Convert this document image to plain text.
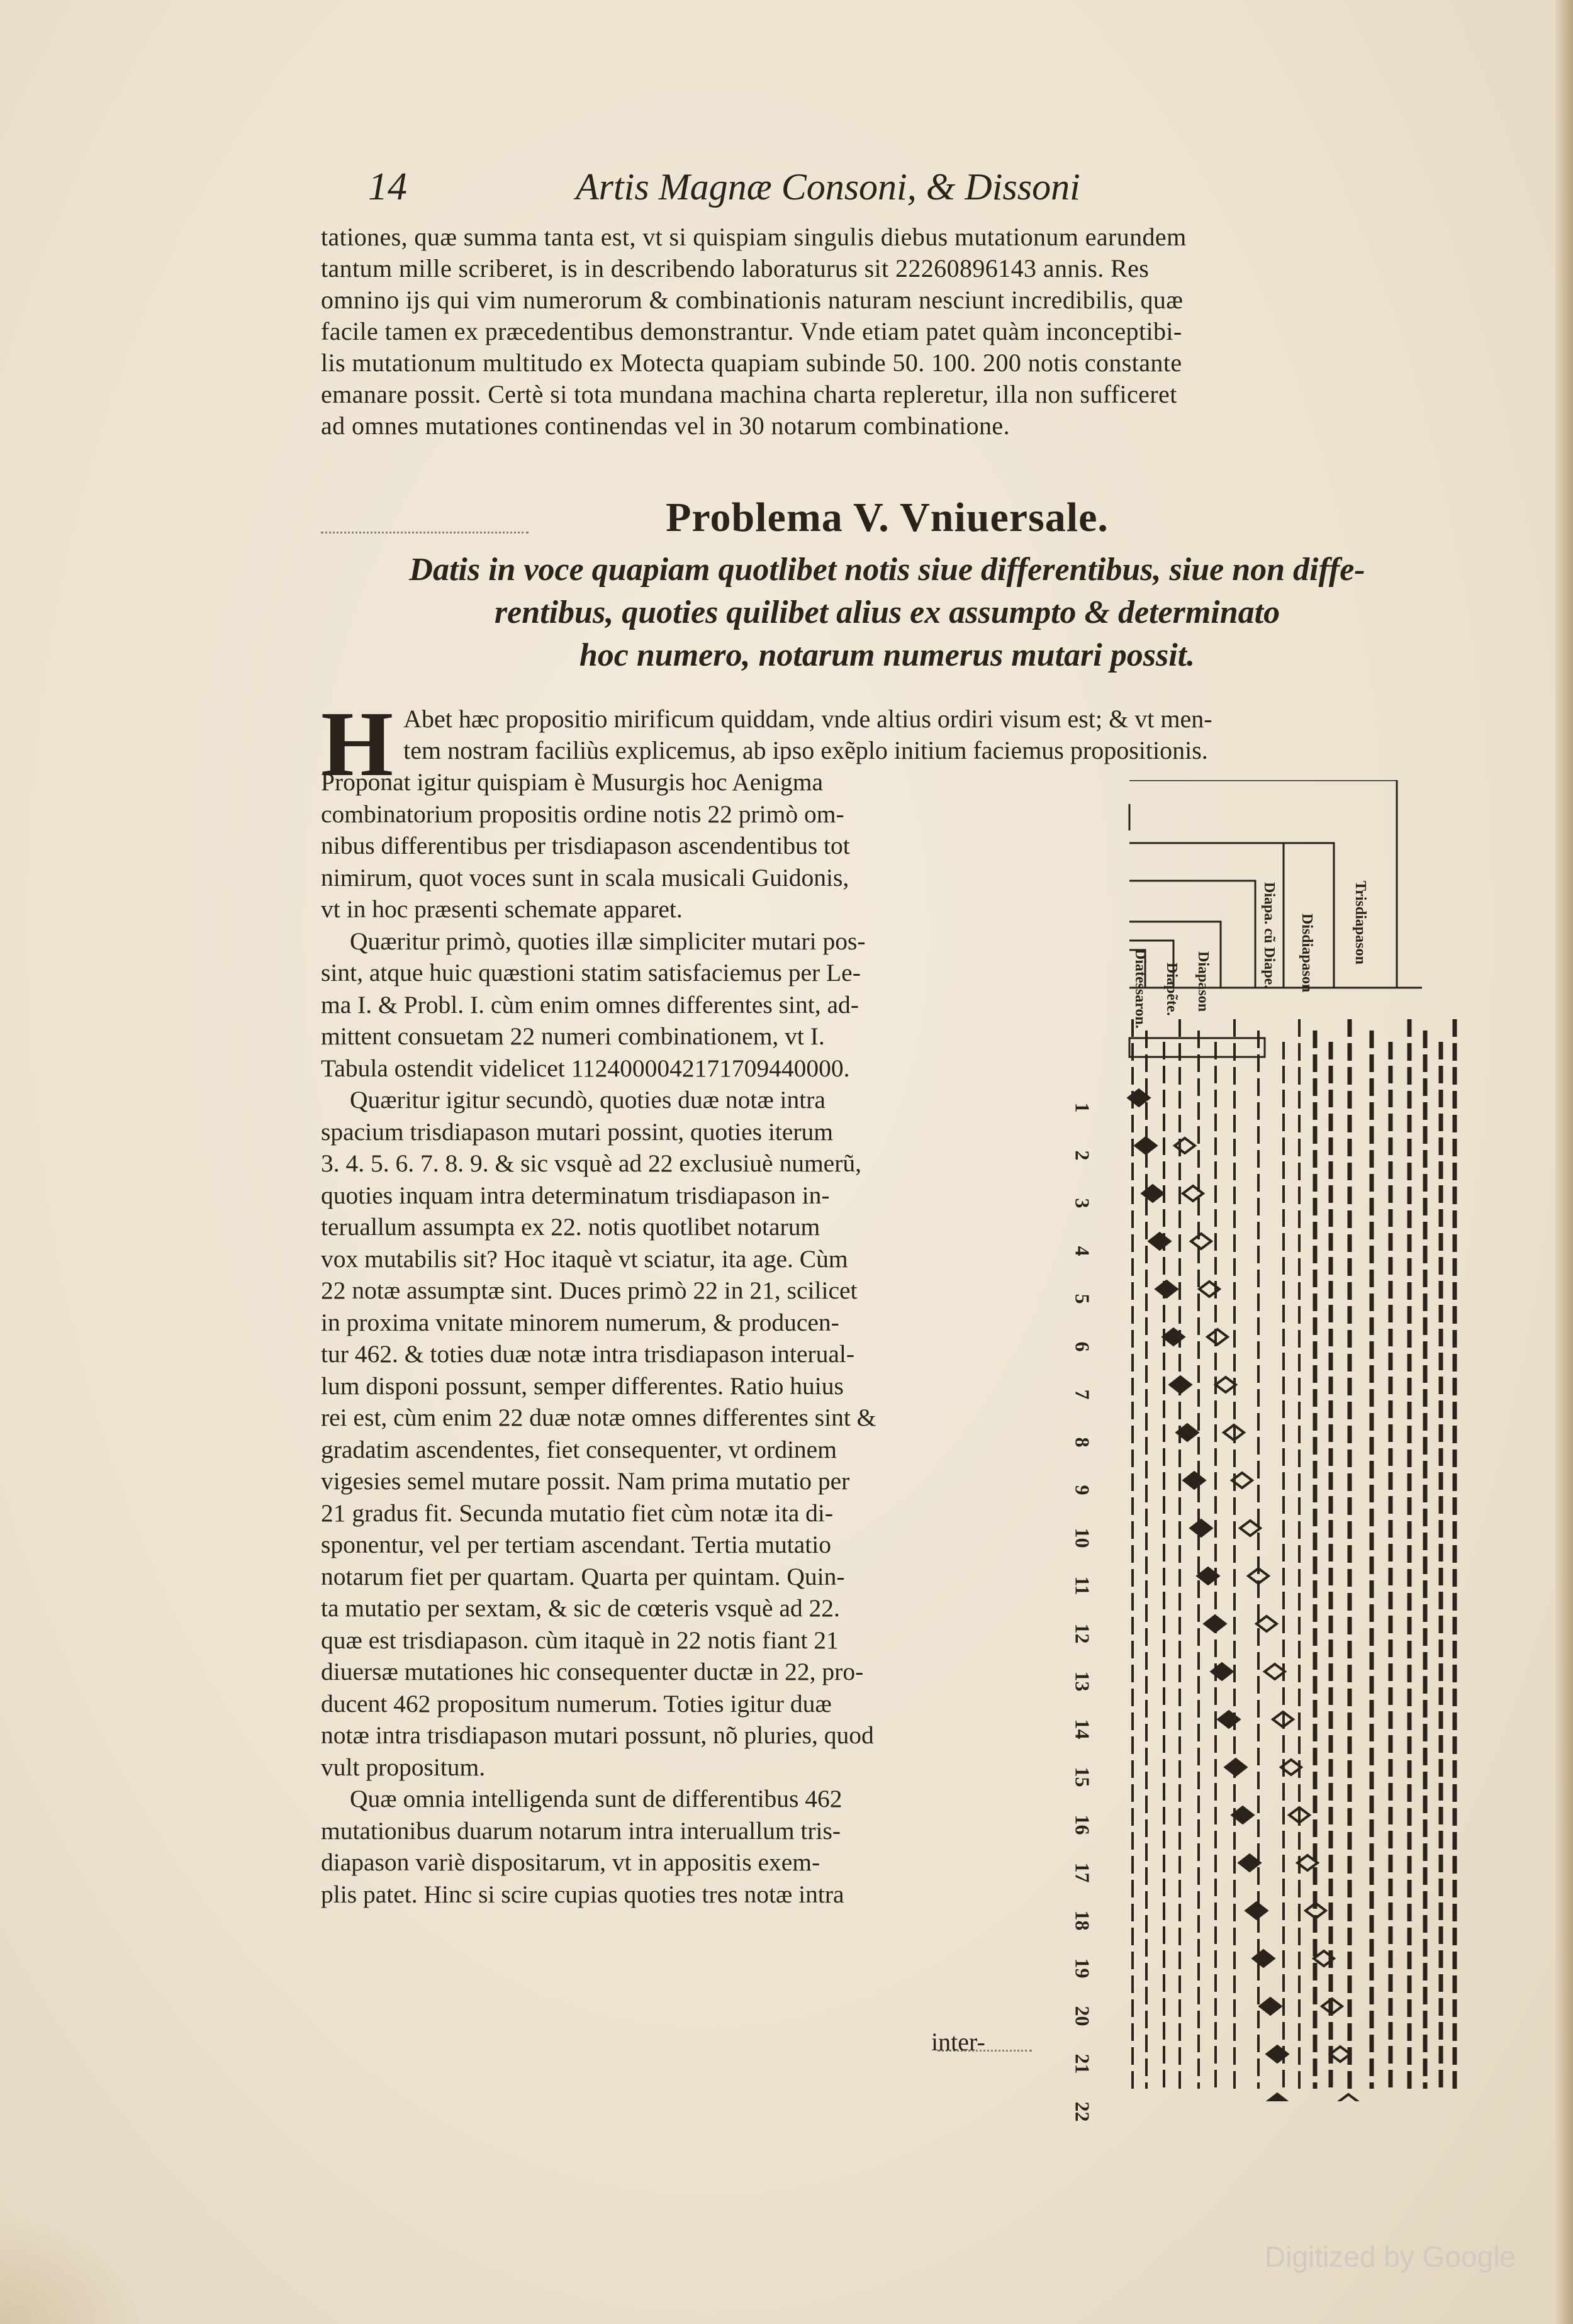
14	Artis Magnæ Consoni, & Dissoni

tationes, quæ summa tanta est, vt si quispiam singulis diebus mutationum earundem

tantum mille scriberet, is in describendo laboraturus sit 22260896143 annis. Res

omnino ijs qui vim numerorum & combinationis naturam nesciunt incredibilis, quæ

facile tamen ex præcedentibus demonstrantur. Vnde etiam patet quàm inconceptibi-

lis mutationum multitudo ex Motecta quapiam subinde 50. 100. 200 notis constante

emanare possit. Certè si tota mundana machina charta repleretur, illa non sufficeret

ad omnes mutationes continendas vel in 30 notarum combinatione.

Problema V. Vniuersale.
Datis in voce quapiam quotlibet notis siue differentibus, siue non diffe-
rentibus, quoties quilibet alius ex assumpto & determinato
hoc numero, notarum numerus mutari possit.
H Abet hæc propositio mirificum quiddam, vnde altius ordiri visum est; & vt men-
tem nostram faciliùs explicemus, ab ipso exẽplo initium faciemus propositionis.

Proponat igitur quispiam è Musurgis hoc Aenigma

combinatorium propositis ordine notis 22 primò om-

nibus differentibus per trisdiapason ascendentibus tot

nimirum, quot voces sunt in scala musicali Guidonis,

vt in hoc præsenti schemate apparet.

Quæritur primò, quoties illæ simpliciter mutari pos-

sint, atque huic quæstioni statim satisfaciemus per Le-

ma I. & Probl. I. cùm enim omnes differentes sint, ad-

mittent consuetam 22 numeri combinationem, vt I.

Tabula ostendit videlicet 1124000042171709440000.

Quæritur igitur secundò, quoties duæ notæ intra

spacium trisdiapason mutari possint, quoties iterum

3. 4. 5. 6. 7. 8. 9. & sic vsquè ad 22 exclusiuè numerũ,

quoties inquam intra determinatum trisdiapason in-

teruallum assumpta ex 22. notis quotlibet notarum

vox mutabilis sit? Hoc itaquè vt sciatur, ita age. Cùm

22 notæ assumptæ sint. Duces primò 22 in 21, scilicet

in proxima vnitate minorem numerum, & producen-

tur 462. & toties duæ notæ intra trisdiapason interual-

lum disponi possunt, semper differentes. Ratio huius

rei est, cùm enim 22 duæ notæ omnes differentes sint &

gradatim ascendentes, fiet consequenter, vt ordinem

vigesies semel mutare possit. Nam prima mutatio per

21 gradus fit. Secunda mutatio fiet cùm notæ ita di-

sponentur, vel per tertiam ascendant. Tertia mutatio

notarum fiet per quartam. Quarta per quintam. Quin-

ta mutatio per sextam, & sic de cœteris vsquè ad 22.

quæ est trisdiapason. cùm itaquè in 22 notis fiant 21

diuersæ mutationes hic consequenter ductæ in 22, pro-

ducent 462 propositum numerum. Toties igitur duæ

notæ intra trisdiapason mutari possunt, nõ pluries, quod

vult propositum.

Quæ omnia intelligenda sunt de differentibus 462

mutationibus duarum notarum intra interuallum tris-

diapason variè dispositarum, vt in appositis exem-

plis patet. Hinc si scire cupias quoties tres notæ intra

Diatessaron. Diapẽte. Diapason	Diapa. cũ Diape. Disdiapason Trisdiapason
1
2
3
4
5
6
7
8
9
10
11
12
13
14
15
16
17
18
19
20
21
22
inter-
Digitized by Google
